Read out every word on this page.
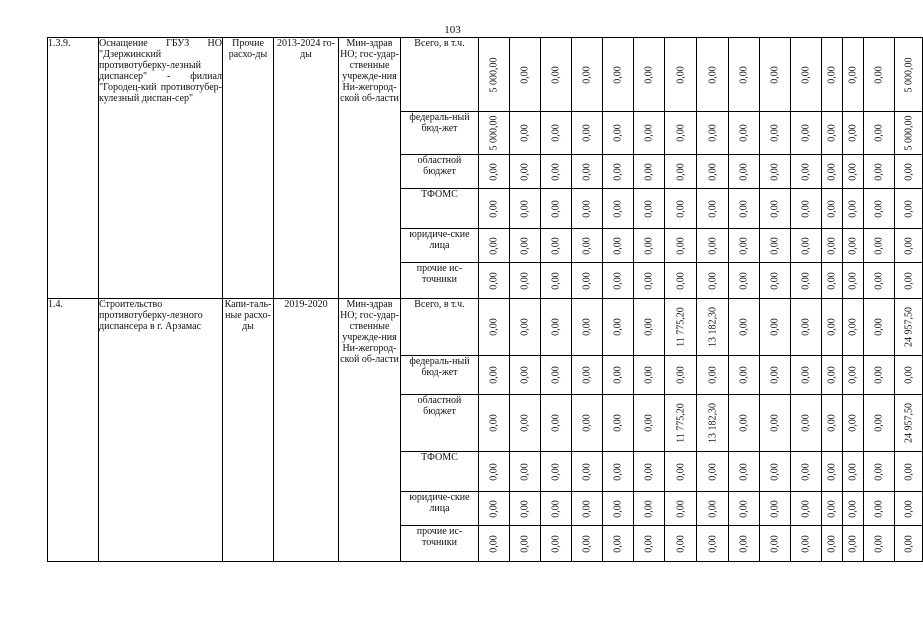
103
1.3.9.	Оснащение ГБУЗ НО "Дзержинский противотуберку-лезный диспансер" - филиал "Городец-кий противотубер-кулезный диспан-сер"	Прочие расхо-ды	2013-2024 го-ды	Мин-здрав НО; гос-удар-ственные учрежде-ния Ни-жегород-ской об-ласти	Всего, в т.ч.	5 000,00	0,00	0,00	0,00	0,00	0,00	0,00	0,00	0,00	0,00	0,00	0,00	0,00	0,00	5 000,00

					федераль-ный бюд-жет	5 000,00	0,00	0,00	0,00	0,00	0,00	0,00	0,00	0,00	0,00	0,00	0,00	0,00	0,00	5 000,00

					областной бюджет	0,00	0,00	0,00	0,00	0,00	0,00	0,00	0,00	0,00	0,00	0,00	0,00	0,00	0,00	0,00

					ТФОМС	0,00	0,00	0,00	0,00	0,00	0,00	0,00	0,00	0,00	0,00	0,00	0,00	0,00	0,00	0,00

					юридиче-ские лица	0,00	0,00	0,00	0,00	0,00	0,00	0,00	0,00	0,00	0,00	0,00	0,00	0,00	0,00	0,00

					прочие ис-точники	0,00	0,00	0,00	0,00	0,00	0,00	0,00	0,00	0,00	0,00	0,00	0,00	0,00	0,00	0,00

1.4.	Строительство противотуберку-лезного диспансера в г. Арзамас	Капи-таль-ные расхо-ды	2019-2020	Мин-здрав НО; гос-удар-ственные учрежде-ния Ни-жегород-ской об-ласти	Всего, в т.ч.	0,00	0,00	0,00	0,00	0,00	0,00	11 775,20	13 182,30	0,00	0,00	0,00	0,00	0,00	0,00	24 957,50

					федераль-ный бюд-жет	0,00	0,00	0,00	0,00	0,00	0,00	0,00	0,00	0,00	0,00	0,00	0,00	0,00	0,00	0,00

					областной бюджет	0,00	0,00	0,00	0,00	0,00	0,00	11 775,20	13 182,30	0,00	0,00	0,00	0,00	0,00	0,00	24 957,50

					ТФОМС	0,00	0,00	0,00	0,00	0,00	0,00	0,00	0,00	0,00	0,00	0,00	0,00	0,00	0,00	0,00

					юридиче-ские лица	0,00	0,00	0,00	0,00	0,00	0,00	0,00	0,00	0,00	0,00	0,00	0,00	0,00	0,00	0,00

					прочие ис-точники	0,00	0,00	0,00	0,00	0,00	0,00	0,00	0,00	0,00	0,00	0,00	0,00	0,00	0,00	0,00
